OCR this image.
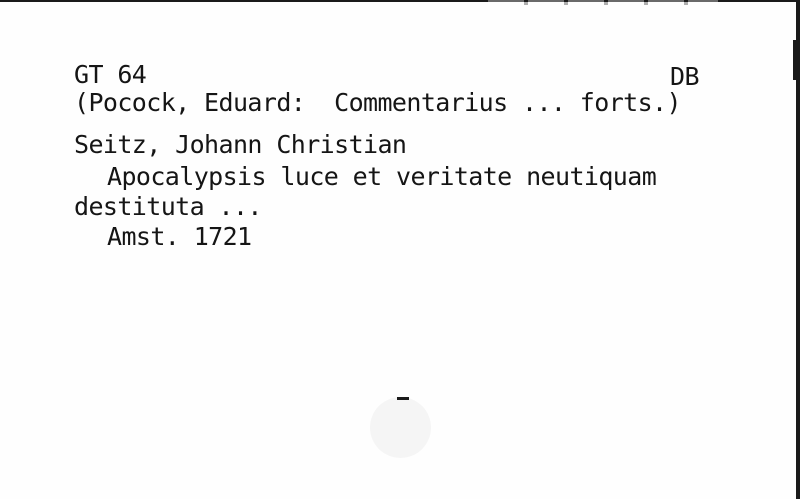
GT 64	DB
(Pocock, Eduard:  Commentarius ... forts.)
Seitz, Johann Christian
Apocalypsis luce et veritate neutiquam
destituta ...
Amst. 1721
